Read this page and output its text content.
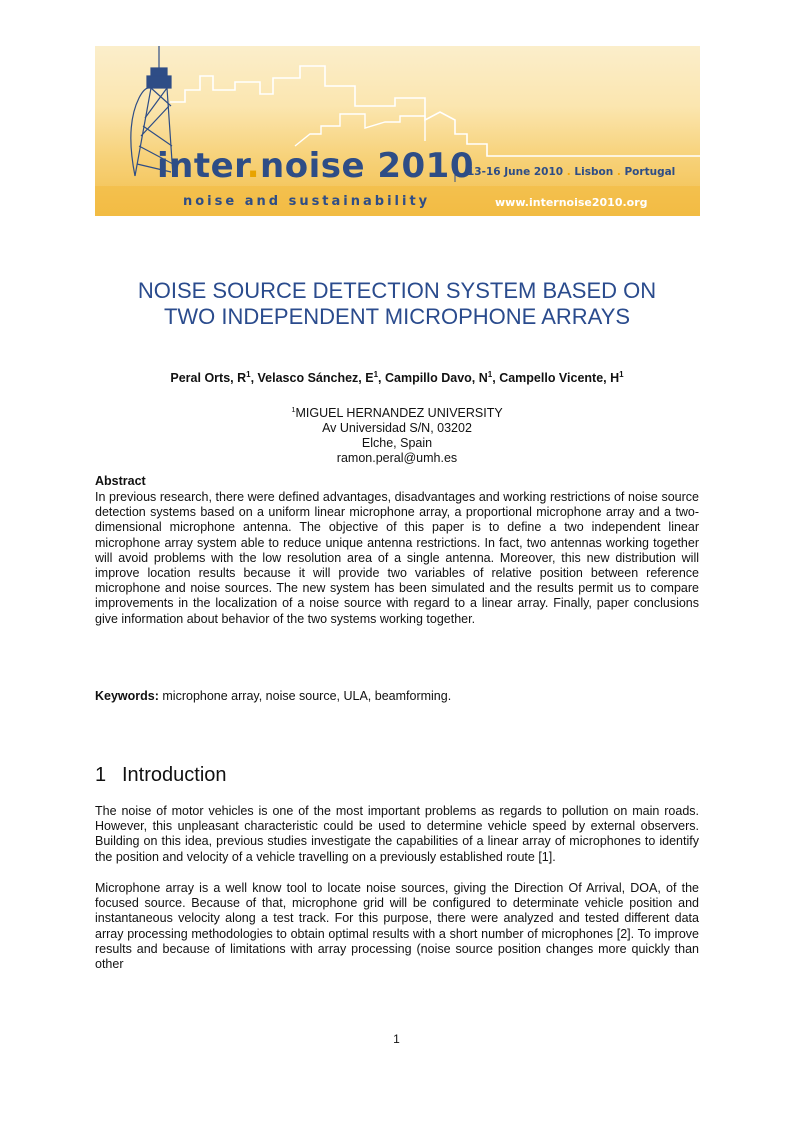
inter.noise 2010
13-16 June 2010 . Lisbon . Portugal
noise and sustainability	www.internoise2010.org
NOISE SOURCE DETECTION SYSTEM BASED ON
TWO INDEPENDENT MICROPHONE ARRAYS
Peral Orts, $R^1$, Velasco Sánchez, $E^1$, Campillo Davo, $N^1$, Campello Vicente, $H^1$
$^1$MIGUEL HERNANDEZ UNIVERSITY
Av Universidad S/N, 03202
Elche, Spain
ramon.peral@umh.es
Abstract

In previous research, there were defined advantages, disadvantages and working restrictions of noise source detection systems based on a uniform linear microphone array, a proportional microphone array and a two-dimensional microphone antenna. The objective of this paper is to define a two independent linear microphone array system able to reduce unique antenna restrictions. In fact, two antennas working together will avoid problems with the low resolution area of a single antenna. Moreover, this new distribution will improve location results because it will provide two variables of relative position between reference microphone and noise sources. The new system has been simulated and the results permit us to compare improvements in the localization of a noise source with regard to a linear array. Finally, paper conclusions give information about behavior of the two systems working together.

Keywords: microphone array, noise source, ULA, beamforming.
1 Introduction

The noise of motor vehicles is one of the most important problems as regards to pollution on main roads. However, this unpleasant characteristic could be used to determine vehicle speed by external observers. Building on this idea, previous studies investigate the capabilities of a linear array of microphones to identify the position and velocity of a vehicle travelling on a previously established route [1].

Microphone array is a well know tool to locate noise sources, giving the Direction Of Arrival, DOA, of the focused source. Because of that, microphone grid will be configured to determinate vehicle position and instantaneous velocity along a test track. For this purpose, there were analyzed and tested different data array processing methodologies to obtain optimal results with a short number of microphones [2]. To improve results and because of limitations with array processing (noise source position changes more quickly than other

1
